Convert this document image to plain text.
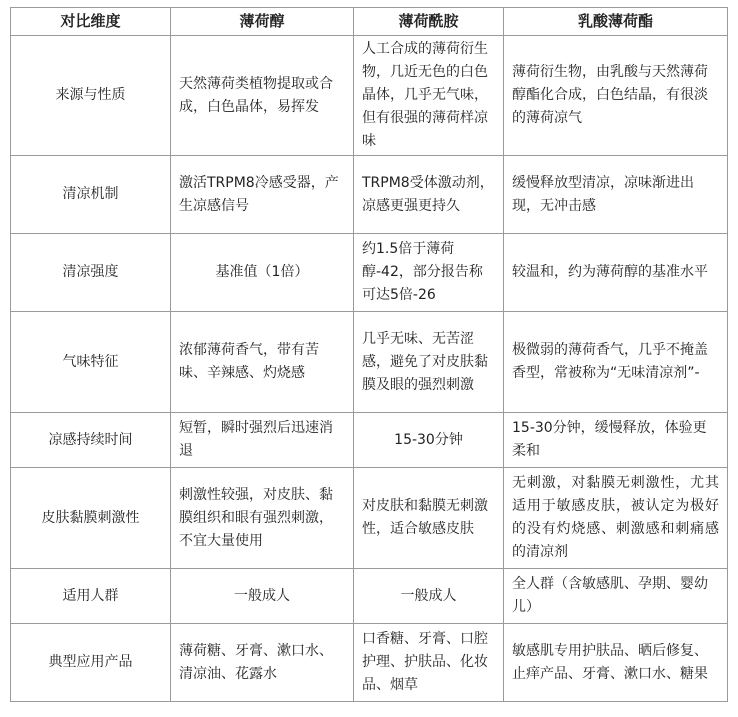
对比维度	薄荷醇	薄荷酰胺	乳酸薄荷酯
来源与性质	天然薄荷类植物提取或合成，白色晶体，易挥发	人工合成的薄荷衍生物，几近无色的白色晶体，几乎无气味，但有很强的薄荷样凉味	薄荷衍生物，由乳酸与天然薄荷醇酯化合成，白色结晶，有很淡的薄荷凉气
清凉机制	激活TRPM8冷感受器，产生凉感信号	TRPM8受体激动剂，凉感更强更持久	缓慢释放型清凉，凉味渐进出现，无冲击感
清凉强度	基准值（1倍）	约1.5倍于薄荷醇-42，部分报告称可达5倍-26	较温和，约为薄荷醇的基准水平
气味特征	浓郁薄荷香气，带有苦味、辛辣感、灼烧感	几乎无味、无苦涩感，避免了对皮肤黏膜及眼的强烈刺激	极微弱的薄荷香气，几乎不掩盖香型，常被称为“无味清凉剂”-
凉感持续时间	短暂，瞬时强烈后迅速消退	15-30分钟	15-30分钟，缓慢释放，体验更柔和
皮肤黏膜刺激性	刺激性较强，对皮肤、黏膜组织和眼有强烈刺激，不宜大量使用	对皮肤和黏膜无刺激性，适合敏感皮肤	无刺激，对黏膜无刺激性，尤其适用于敏感皮肤，被认定为极好的没有灼烧感、刺激感和刺痛感的清凉剂
适用人群	一般成人	一般成人	全人群（含敏感肌、孕期、婴幼儿）
典型应用产品	薄荷糖、牙膏、漱口水、清凉油、花露水	口香糖、牙膏、口腔护理、护肤品、化妆品、烟草	敏感肌专用护肤品、晒后修复、止痒产品、牙膏、漱口水、糖果
